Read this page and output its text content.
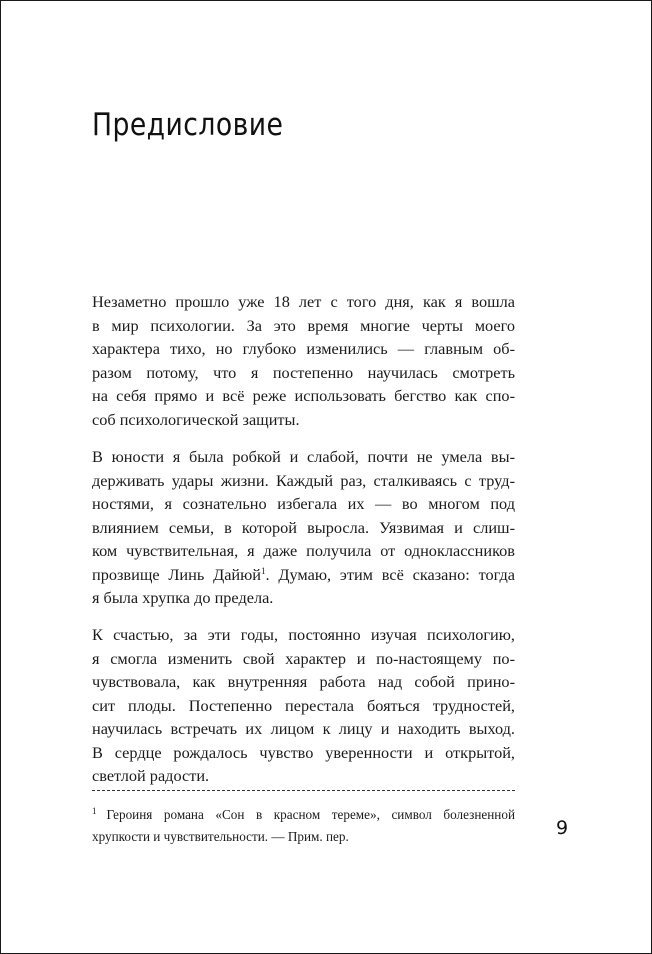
Предисловие
Незаметно прошло уже 18 лет с того дня, как я вошла
в мир психологии. За это время многие черты моего
характера тихо, но глубоко изменились — главным об-
разом потому, что я постепенно научилась смотреть
на себя прямо и всё реже использовать бегство как спо-
соб психологической защиты.
В юности я была робкой и слабой, почти не умела вы-
держивать удары жизни. Каждый раз, сталкиваясь с труд-
ностями, я сознательно избегала их — во многом под
влиянием семьи, в которой выросла. Уязвимая и слиш-
ком чувствительная, я даже получила от одноклассников
прозвище Линь Дайюй$^1$. Думаю, этим всё сказано: тогда
я была хрупка до предела.
К счастью, за эти годы, постоянно изучая психологию,
я смогла изменить свой характер и по-настоящему по-
чувствовала, как внутренняя работа над собой прино-
сит плоды. Постепенно перестала бояться трудностей,
научилась встречать их лицом к лицу и находить выход.
В сердце рождалось чувство уверенности и открытой,
светлой радости.
$^1$ Героиня романа «Сон в красном тереме», символ болезненной
хрупкости и чувствительности. — Прим. пер.	9
